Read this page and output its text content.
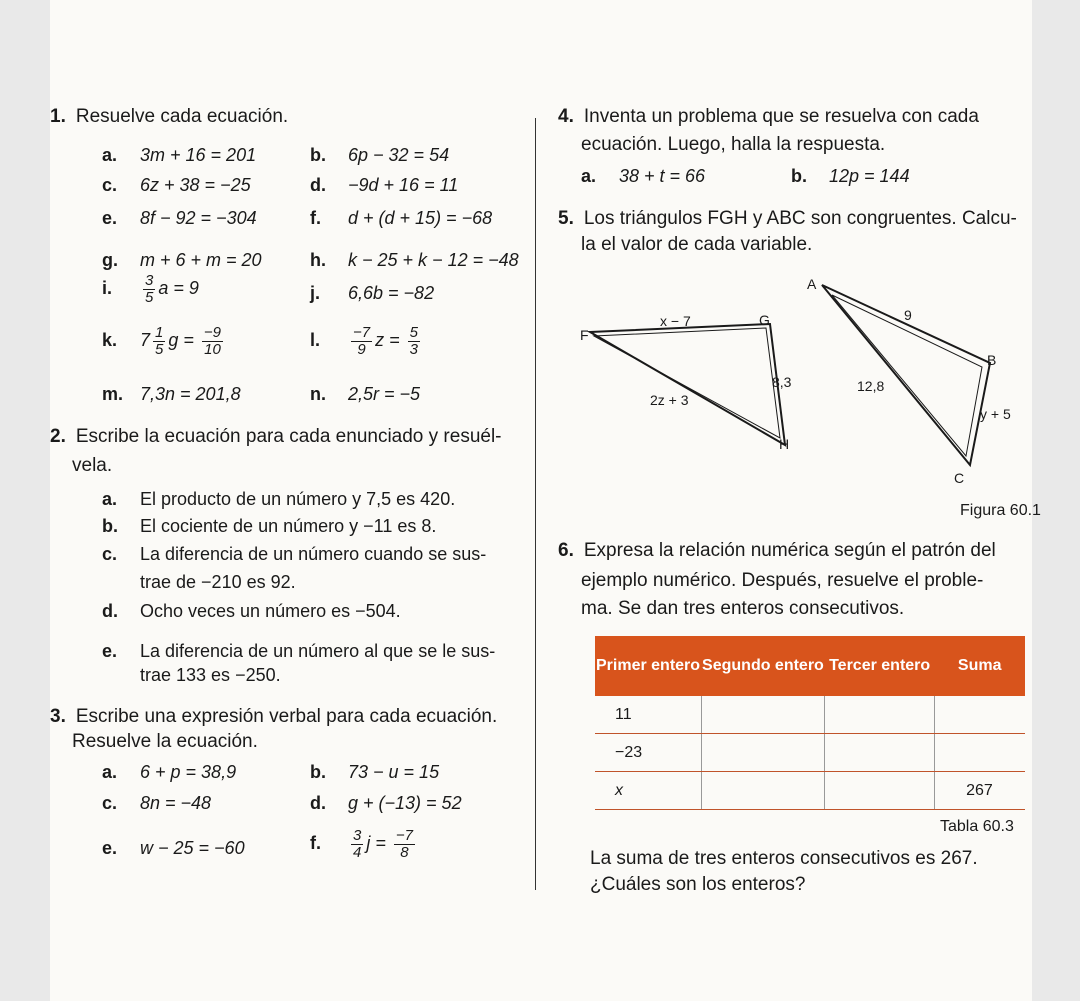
1. Resuelve cada ecuación.
2. Escribe la ecuación para cada enunciado y resuél-
vela.
3. Escribe una expresión verbal para cada ecuación.
Resuelve la ecuación.
4. Inventa un problema que se resuelva con cada
ecuación. Luego, halla la respuesta.
a. 38 + t = 66	b. 12p = 144
5. Los triángulos FGH y ABC son congruentes. Calcu-
la el valor de cada variable.
F
G
H
A
B
C
x − 7
8,3
2z + 3
9
12,8
y + 5
Figura 60.1
6. Expresa la relación numérica según el patrón del
ejemplo numérico. Después, resuelve el proble-
ma. Se dan tres enteros consecutivos.
Primer entero	Segundo entero	Tercer entero	Suma
11			
−23			
x			267
Tabla 60.3
La suma de tres enteros consecutivos es 267.
¿Cuáles son los enteros?
a. 3m + 16 = 201	b. 6p − 32 = 54
c. 6z + 38 = −25	d. −9d + 16 = 11
e. 8f − 92 = −304	f. d + (d + 15) = −68
g. m + 6 + m = 20	h. k − 25 + k − 12 = −48
i. $\frac{3}{5}$ a = 9	j. 6,6b = −82
k. $7 \frac{1}{5}$ $g = \frac{-9}{10}$	l. $\frac{-7}{9}$ $z = \frac{5}{3}$
m. 7,3n = 201,8	n. 2,5r = −5
a. El producto de un número y 7,5 es 420.
b. El cociente de un número y −11 es 8.
c. La diferencia de un número cuando se sus-
trae de −210 es 92.
d. Ocho veces un número es −504.
e. La diferencia de un número al que se le sus-
trae 133 es −250.
a. 6 + p = 38,9	b. 73 − u = 15
c. 8n = −48	d. g + (−13) = 52
e. w − 25 = −60	f. $\frac{3}{4}$ $j = \frac{-7}{8}$
